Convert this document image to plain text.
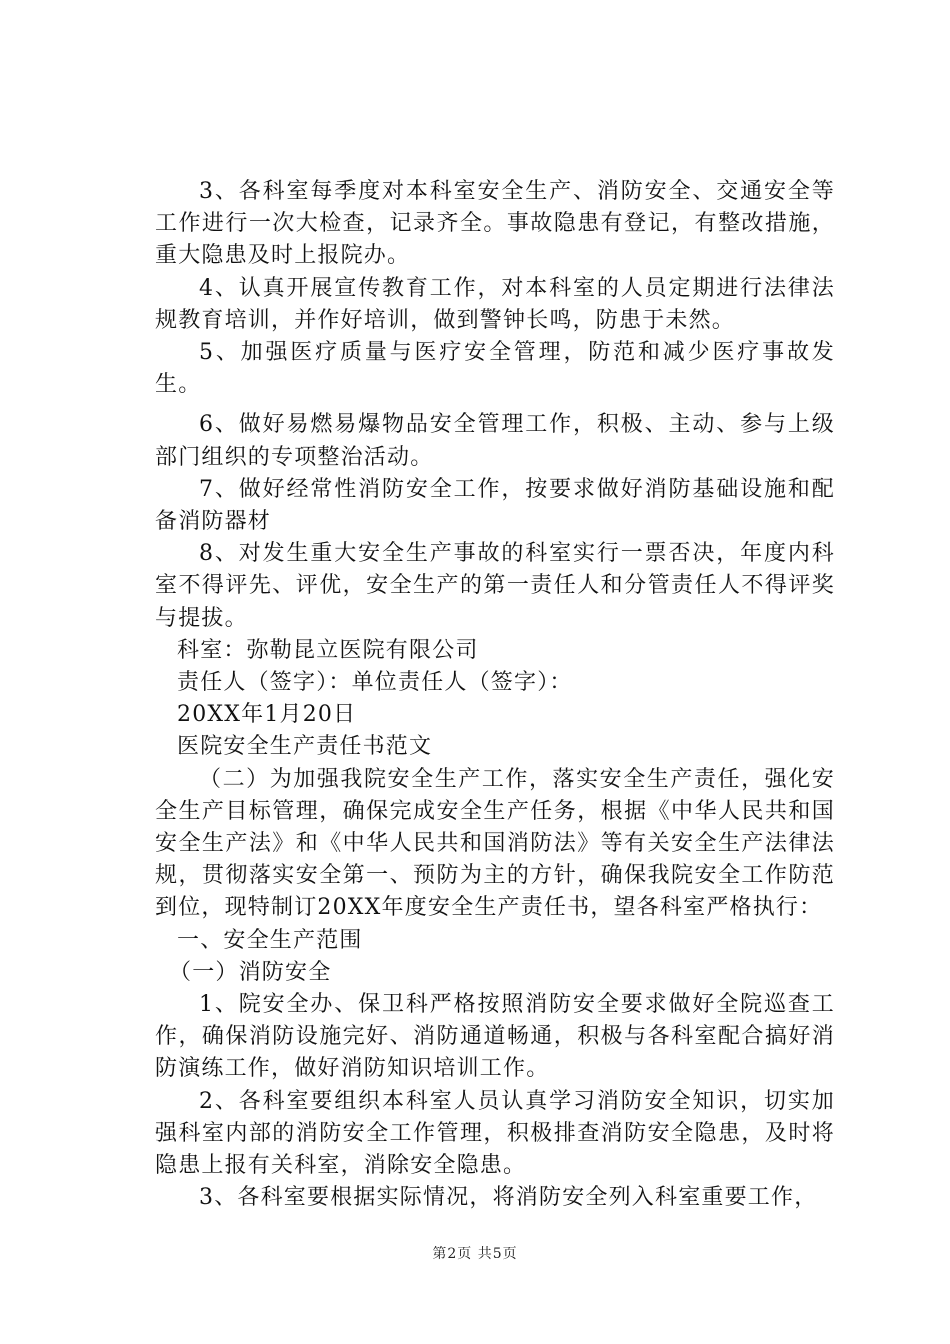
3、各科室每季度对本科室安全生产、消防安全、交通安全等工作进行一次大检查，记录齐全。事故隐患有登记，有整改措施，重大隐患及时上报院办。

4、认真开展宣传教育工作，对本科室的人员定期进行法律法规教育培训，并作好培训，做到警钟长鸣，防患于未然。

5、加强医疗质量与医疗安全管理，防范和减少医疗事故发生。

6、做好易燃易爆物品安全管理工作，积极、主动、参与上级部门组织的专项整治活动。

7、做好经常性消防安全工作，按要求做好消防基础设施和配备消防器材

8、对发生重大安全生产事故的科室实行一票否决，年度内科室不得评先、评优，安全生产的第一责任人和分管责任人不得评奖与提拔。

科室：弥勒昆立医院有限公司

责任人（签字）：单位责任人（签字）：

20XX年1月20日

医院安全生产责任书范文

（二）为加强我院安全生产工作，落实安全生产责任，强化安全生产目标管理，确保完成安全生产任务，根据《中华人民共和国安全生产法》和《中华人民共和国消防法》等有关安全生产法律法规，贯彻落实安全第一、预防为主的方针，确保我院安全工作防范到位，现特制订20XX年度安全生产责任书，望各科室严格执行：

一、安全生产范围

（一）消防安全

1、院安全办、保卫科严格按照消防安全要求做好全院巡查工作，确保消防设施完好、消防通道畅通，积极与各科室配合搞好消防演练工作，做好消防知识培训工作。

2、各科室要组织本科室人员认真学习消防安全知识，切实加强科室内部的消防安全工作管理，积极排查消防安全隐患，及时将隐患上报有关科室，消除安全隐患。

3、各科室要根据实际情况，将消防安全列入科室重要工作，

第2页 共5页
